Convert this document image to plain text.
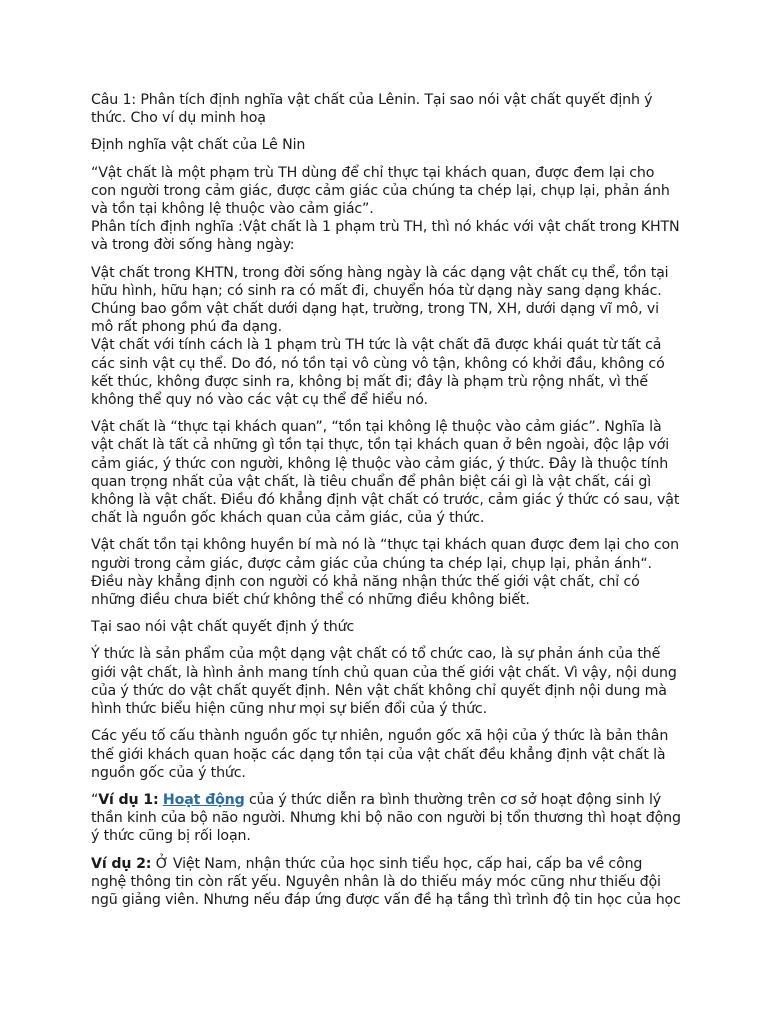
Câu 1: Phân tích định nghĩa vật chất của Lênin. Tại sao nói vật chất quyết định ý thức. Cho ví dụ minh hoạ

Định nghĩa vật chất của Lê Nin

“Vật chất là một phạm trù TH dùng để chỉ thực tại khách quan, được đem lại cho con người trong cảm giác, được cảm giác của chúng ta chép lại, chụp lại, phản ánh và tồn tại không lệ thuộc vào cảm giác”.

Phân tích định nghĩa :Vật chất là 1 phạm trù TH, thì nó khác với vật chất trong KHTN và trong đời sống hàng ngày:

Vật chất trong KHTN, trong đời sống hàng ngày là các dạng vật chất cụ thể, tồn tại hữu hình, hữu hạn; có sinh ra có mất đi, chuyển hóa từ dạng này sang dạng khác. Chúng bao gồm vật chất dưới dạng hạt, trường, trong TN, XH, dưới dạng vĩ mô, vi mô rất phong phú đa dạng.

Vật chất với tính cách là 1 phạm trù TH tức là vật chất đã được khái quát từ tất cả các sinh vật cụ thể. Do đó, nó tồn tại vô cùng vô tận, không có khởi đầu, không có kết thúc, không được sinh ra, không bị mất đi; đây là phạm trù rộng nhất, vì thế không thể quy nó vào các vật cụ thể để hiểu nó.

Vật chất là “thực tại khách quan”, “tồn tại không lệ thuộc vào cảm giác”. Nghĩa là vật chất là tất cả những gì tồn tại thực, tồn tại khách quan ở bên ngoài, độc lập với cảm giác, ý thức con người, không lệ thuộc vào cảm giác, ý thức. Đây là thuộc tính quan trọng nhất của vật chất, là tiêu chuẩn để phân biệt cái gì là vật chất, cái gì không là vật chất. Điều đó khẳng định vật chất có trước, cảm giác ý thức có sau, vật chất là nguồn gốc khách quan của cảm giác, của ý thức.

Vật chất tồn tại không huyền bí mà nó là “thực tại khách quan được đem lại cho con người trong cảm giác, được cảm giác của chúng ta chép lại, chụp lại, phản ánh“. Điều này khẳng định con người có khả năng nhận thức thế giới vật chất, chỉ có những điều chưa biết chứ không thể có những điều không biết.

Tại sao nói vật chất quyết định ý thức

Ý thức là sản phẩm của một dạng vật chất có tổ chức cao, là sự phản ánh của thế giới vật chất, là hình ảnh mang tính chủ quan của thế giới vật chất. Vì vậy, nội dung của ý thức do vật chất quyết định. Nên vật chất không chỉ quyết định nội dung mà hình thức biểu hiện cũng như mọi sự biến đổi của ý thức.

Các yếu tố cấu thành nguồn gốc tự nhiên, nguồn gốc xã hội của ý thức là bản thân thế giới khách quan hoặc các dạng tồn tại của vật chất đều khẳng định vật chất là nguồn gốc của ý thức.

“Ví dụ 1: Hoạt động của ý thức diễn ra bình thường trên cơ sở hoạt động sinh lý thần kinh của bộ não người. Nhưng khi bộ não con người bị tổn thương thì hoạt động ý thức cũng bị rối loạn.

Ví dụ 2: Ở Việt Nam, nhận thức của học sinh tiểu học, cấp hai, cấp ba về công nghệ thông tin còn rất yếu. Nguyên nhân là do thiếu máy móc cũng như thiếu đội ngũ giảng viên. Nhưng nếu đáp ứng được vấn đề hạ tầng thì trình độ tin học của học
